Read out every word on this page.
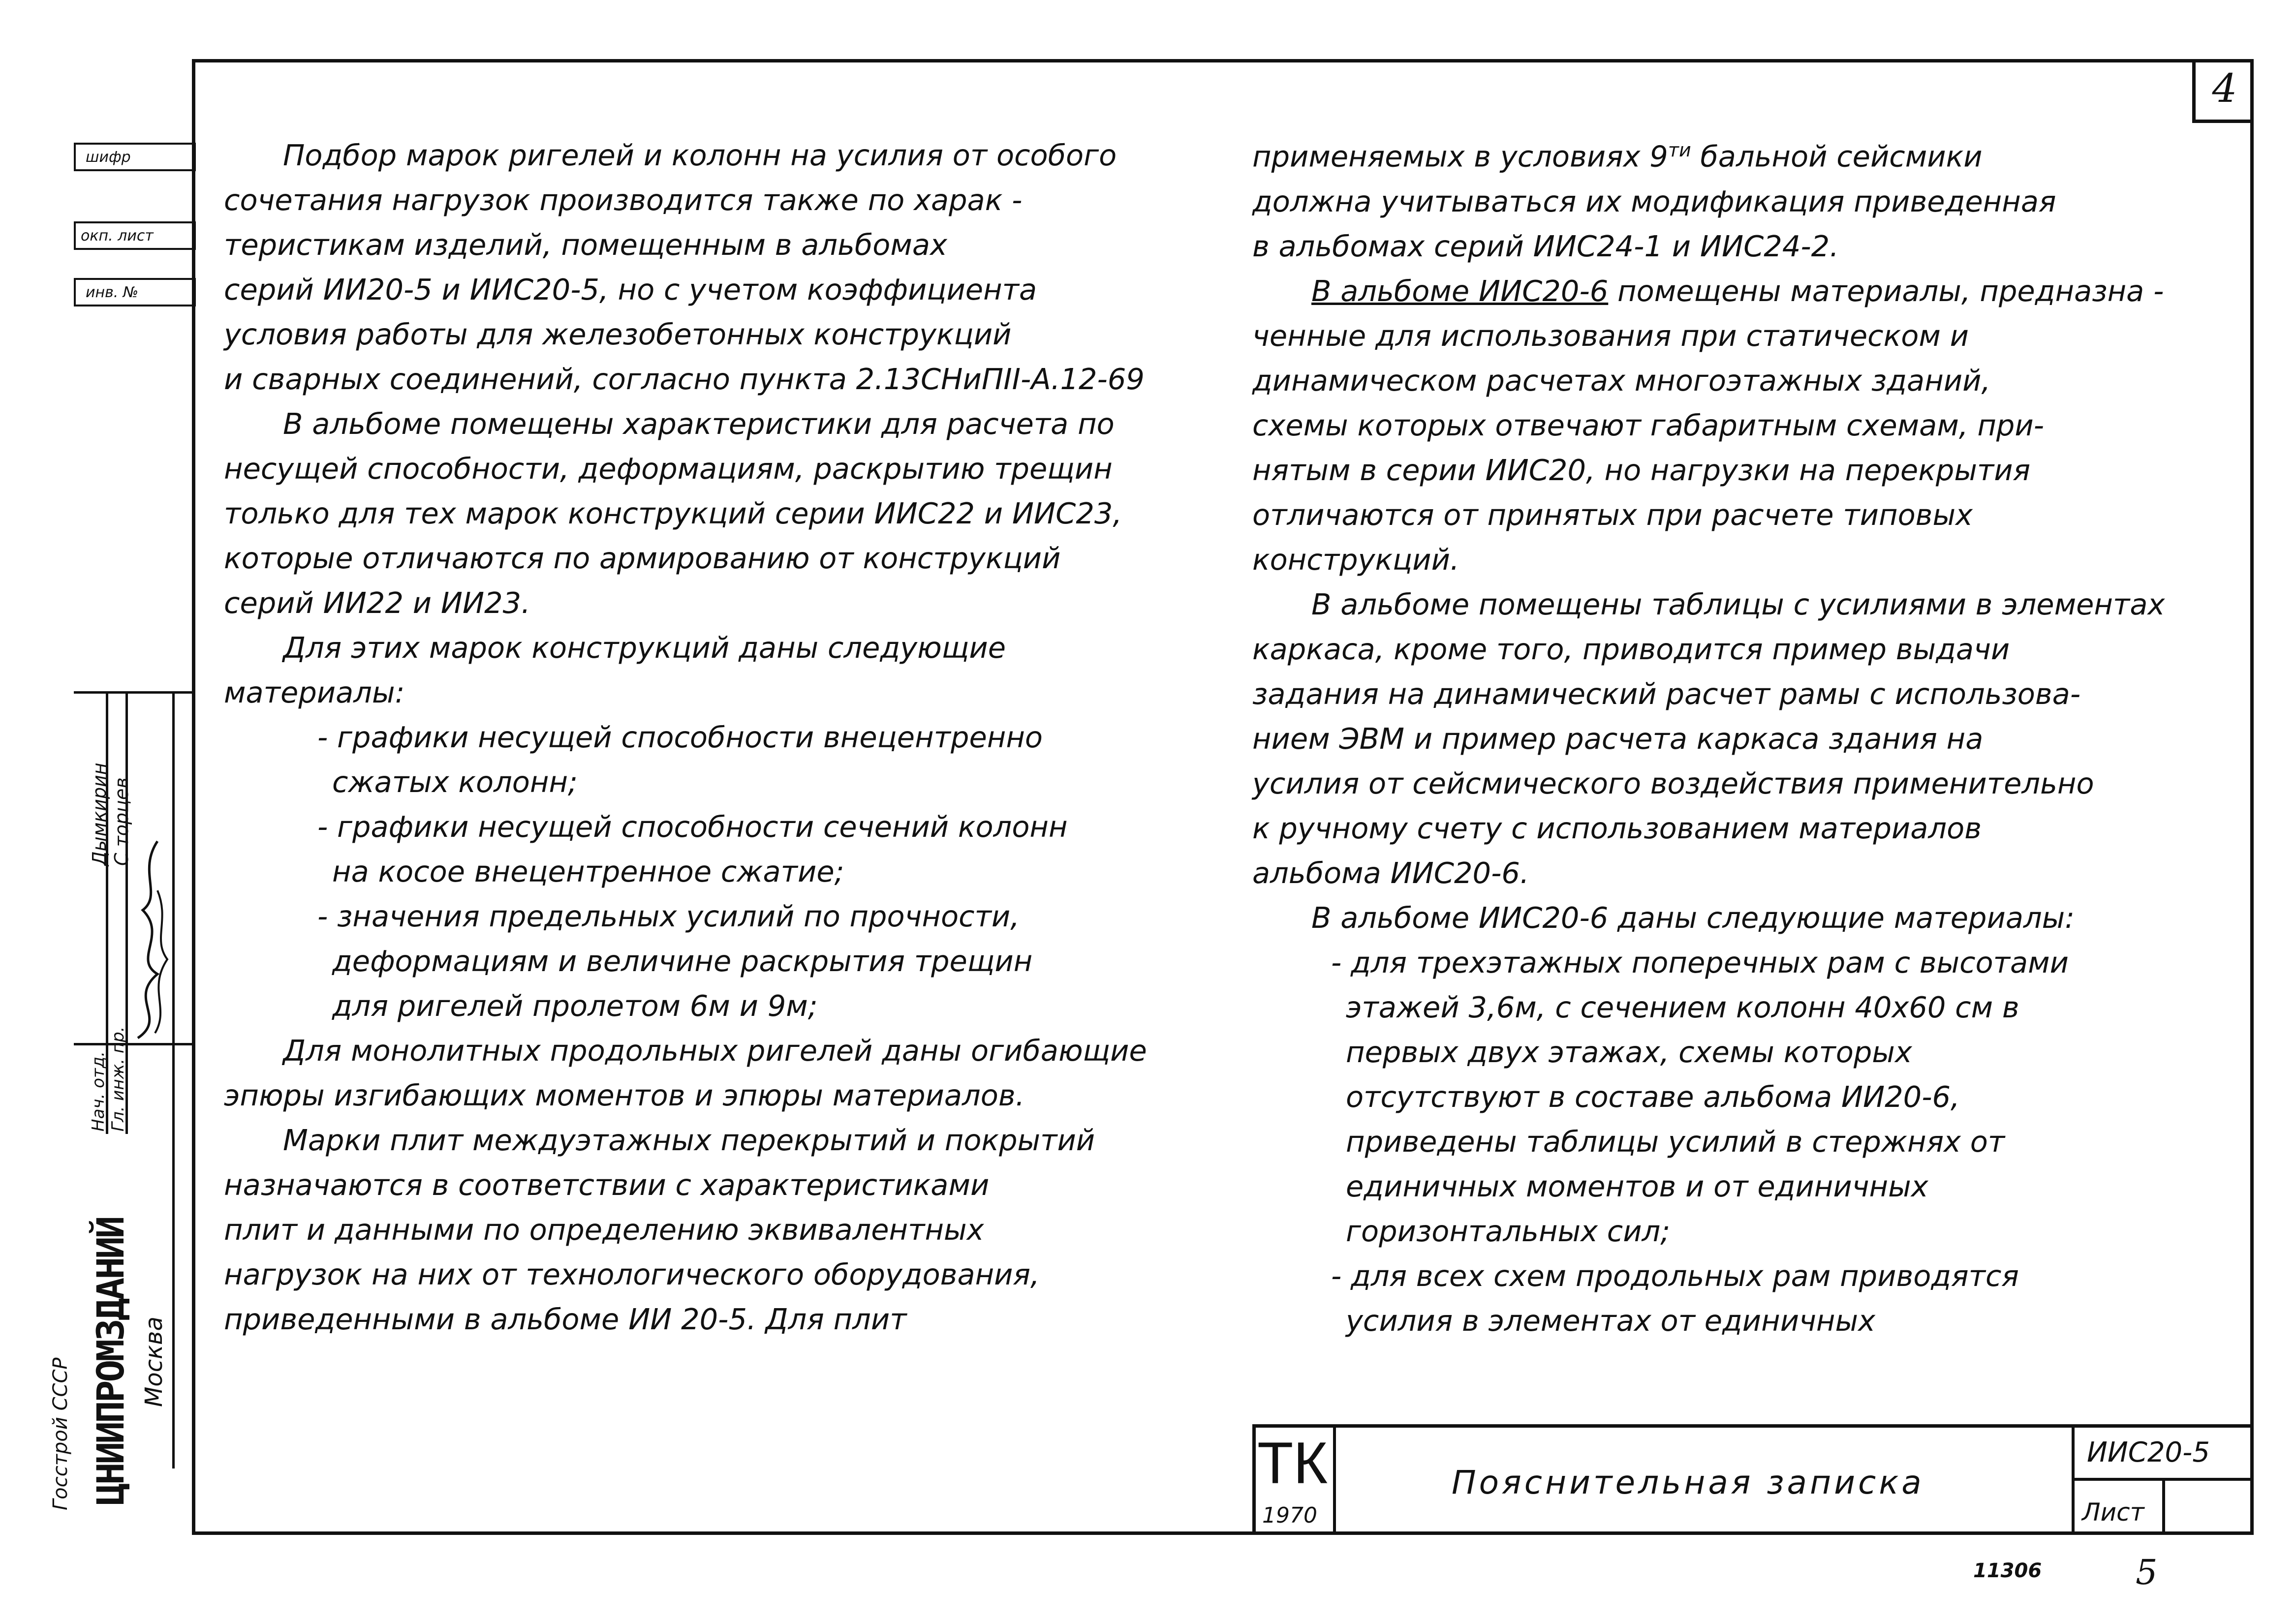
4
шифр
окп. лист
инв. №
Дымкирин С.торцев
Нач. отд. Гл. инж. пр.
Госстрой СССР ЦНИИПРОМЗДАНИЙ Москва

Подбор марок ригелей и колонн на усилия от особого

сочетания нагрузок производится также по харак -

теристикам изделий, помещенным в альбомах

серий ИИ20-5 и ИИС20-5, но с учетом коэффициента

условия работы для железобетонных конструкций

и сварных соединений, согласно пункта 2.13СНиПII-А.12-69

В альбоме помещены характеристики для расчета по

несущей способности, деформациям, раскрытию трещин

только для тех марок конструкций серии ИИС22 и ИИС23,

которые отличаются по армированию от конструкций

серий ИИ22 и ИИ23.

Для этих марок конструкций даны следующие

материалы:

- графики несущей способности внецентренно

сжатых колонн;

- графики несущей способности сечений колонн

на косое внецентренное сжатие;

- значения предельных усилий по прочности,

деформациям и величине раскрытия трещин

для ригелей пролетом 6м и 9м;

Для монолитных продольных ригелей даны огибающие

эпюры изгибающих моментов и эпюры материалов.

Марки плит междуэтажных перекрытий и покрытий

назначаются в соответствии с характеристиками

плит и данными по определению эквивалентных

нагрузок на них от технологического оборудования,

приведенными в альбоме ИИ 20-5. Для плит

применяемых в условиях $9^{ти}$ бальной сейсмики

должна учитываться их модификация приведенная

в альбомах серий ИИС24-1 и ИИС24-2.

В альбоме ИИС20-6 помещены материалы, предназна -

ченные для использования при статическом и

динамическом расчетах многоэтажных зданий,

схемы которых отвечают габаритным схемам, при-

нятым в серии ИИС20, но нагрузки на перекрытия

отличаются от принятых при расчете типовых

конструкций.

В альбоме помещены таблицы с усилиями в элементах

каркаса, кроме того, приводится пример выдачи

задания на динамический расчет рамы с использова-

нием ЭВМ и пример расчета каркаса здания на

усилия от сейсмического воздействия применительно

к ручному счету с использованием материалов

альбома ИИС20-6.

В альбоме ИИС20-6 даны следующие материалы:

- для трехэтажных поперечных рам с высотами

этажей 3,6м, с сечением колонн 40х60 см в

первых двух этажах, схемы которых

отсутствуют в составе альбома ИИ20-6,

приведены таблицы усилий в стержнях от

единичных моментов и от единичных

горизонтальных сил;

- для всех схем продольных рам приводятся

усилия в элементах от единичных

ТК
1970
Пояснительная записка
ИИС20-5
Лист
11306	5
